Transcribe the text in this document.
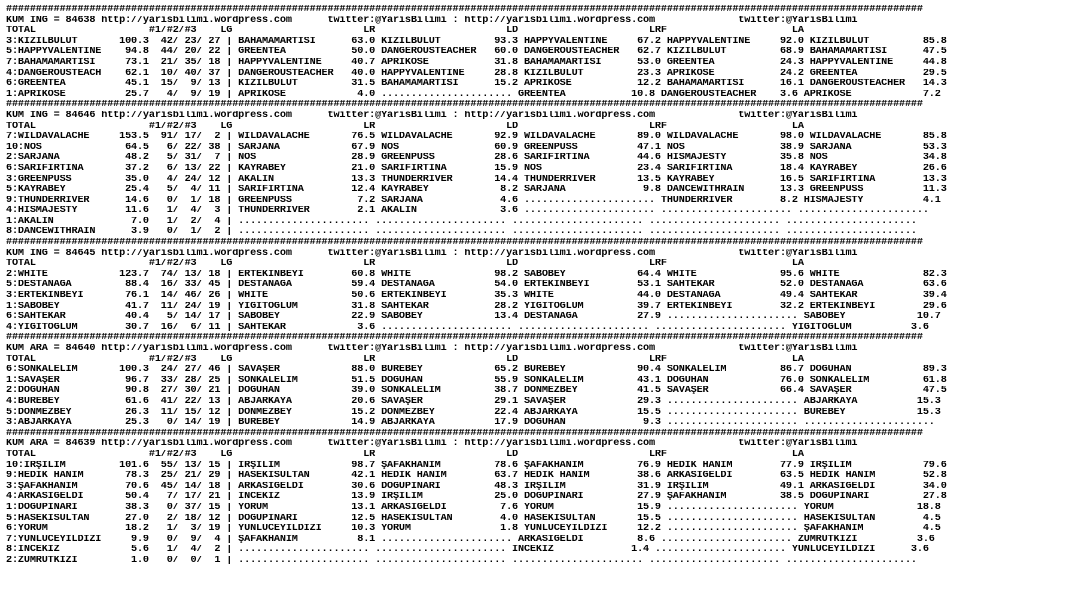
##########################################################################################################################################################
KUM ING = 84638 http://yarisbilimi.wordpress.com      twitter:@YarisBilimi : http://yarisbilimi.wordpress.com              twitter:@YarisBilimi
TOTAL                   #1/#2/#3    LG                      LR                      LD                      LRF                     LA
3:KIZILBULUT       100.3  42/ 23/ 27 | BAHAMAMARTISI      63.0 KIZILBULUT         93.3 HAPPYVALENTINE     67.2 HAPPYVALENTINE     92.0 KIZILBULUT         85.8
5:HAPPYVALENTINE    94.8  44/ 20/ 22 | GREENTEA           50.0 DANGEROUSTEACHER   60.0 DANGEROUSTEACHER   62.7 KIZILBULUT         68.9 BAHAMAMARTISI      47.5
7:BAHAMAMARTISI     73.1  21/ 35/ 18 | HAPPYVALENTINE     40.7 APRIKOSE           31.8 BAHAMAMARTISI      53.0 GREENTEA           24.3 HAPPYVALENTINE     44.8
4:DANGEROUSTEACH    62.1  10/ 40/ 37 | DANGEROUSTEACHER   40.0 HAPPYVALENTINE     28.8 KIZILBULUT         23.3 APRIKOSE           24.2 GREENTEA           29.5
6:GREENTEA          45.1  15/  9/ 13 | KIZILBULUT         31.5 BAHAMAMARTISI      15.2 APRIKOSE           12.2 BAHAMAMARTISI      16.1 DANGEROUSTEACHER   14.3
1:APRIKOSE          25.7   4/  9/ 19 | APRIKOSE            4.0 ...................... GREENTEA           10.8 DANGEROUSTEACHER    3.6 APRIKOSE            7.2
##########################################################################################################################################################
KUM ING = 84646 http://yarisbilimi.wordpress.com      twitter:@YarisBilimi : http://yarisbilimi.wordpress.com              twitter:@YarisBilimi
TOTAL                   #1/#2/#3    LG                      LR                      LD                      LRF                     LA
7:WILDAVALACHE     153.5  91/ 17/  2 | WILDAVALACHE       76.5 WILDAVALACHE       92.9 WILDAVALACHE       89.0 WILDAVALACHE       98.0 WILDAVALACHE       85.8
10:NOS              64.5   6/ 22/ 38 | SARJANA            67.9 NOS                60.9 GREENPUSS          47.1 NOS                38.9 SARJANA            53.3
2:SARJANA           48.2   5/ 31/  7 | NOS                28.9 GREENPUSS          28.6 SARIFIRTINA        44.6 HISMAJESTY         35.8 NOS                34.8
6:SARIFIRTINA       37.2   6/ 13/ 22 | KAYRABEY           21.0 SARIFIRTINA        15.9 NOS                23.4 SARIFIRTINA        18.4 KAYRABEY           26.6
3:GREENPUSS         35.0   4/ 24/ 12 | AKALIN             13.3 THUNDERRIVER       14.4 THUNDERRIVER       13.5 KAYRABEY           16.5 SARIFIRTINA        13.3
5:KAYRABEY          25.4   5/  4/ 11 | SARIFIRTINA        12.4 KAYRABEY            8.2 SARJANA             9.8 DANCEWITHRAIN      13.3 GREENPUSS          11.3
9:THUNDERRIVER      14.6   0/  1/ 18 | GREENPUSS           7.2 SARJANA             4.6 ...................... THUNDERRIVER        8.2 HISMAJESTY          4.1
4:HISMAJESTY        11.6   1/  4/  3 | THUNDERRIVER        2.1 AKALIN              3.6 ...................... ...................... ......................
1:AKALIN             7.0   1/  2/  4 | ...................... ...................... ...................... ...................... ......................
8:DANCEWITHRAIN      3.9   0/  1/  2 | ...................... ...................... ...................... ...................... ......................
##########################################################################################################################################################
KUM ING = 84645 http://yarisbilimi.wordpress.com      twitter:@YarisBilimi : http://yarisbilimi.wordpress.com              twitter:@YarisBilimi
TOTAL                   #1/#2/#3    LG                      LR                      LD                      LRF                     LA
2:WHITE            123.7  74/ 13/ 18 | ERTEKİNBEYİ        60.8 WHITE              98.2 SABOBEY            64.4 WHITE              95.6 WHITE              82.3
5:DESTANAGA         88.4  16/ 33/ 45 | DESTANAGA          59.4 DESTANAGA          54.0 ERTEKİNBEYİ        53.1 SAHTEKAR           52.0 DESTANAGA          63.6
3:ERTEKİNBEYİ       76.1  14/ 46/ 26 | WHİTE              50.6 ERTEKİNBEYİ        35.3 WHİTE              44.0 DESTANAGA          49.4 SAHTEKAR           39.4
1:SABOBEY           41.7  11/ 24/ 19 | YİĞİTOĞLUM         31.8 SAHTEKAR           28.2 YİĞİTOĞLUM         39.7 ERTEKİNBEYİ        32.2 ERTEKİNBEYİ        29.6
6:SAHTEKAR          40.4   5/ 14/ 17 | SABOBEY            22.9 SABOBEY            13.4 DESTANAGA          27.9 ...................... SABOBEY            10.7
4:YİĞİTOĞLUM        30.7  16/  6/ 11 | SAHTEKAR            3.6 ...................... ...................... ...................... YİĞİTOĞLUM          3.6
##########################################################################################################################################################
KUM ARA = 84640 http://yarisbilimi.wordpress.com      twitter:@YarisBilimi : http://yarisbilimi.wordpress.com              twitter:@YarisBilimi
TOTAL                   #1/#2/#3    LG                      LR                      LD                      LRF                     LA
6:SONKALELİM       100.3  24/ 27/ 46 | SAVAŞER            88.0 BÜREBEY            65.2 BÜREBEY            90.4 SONKALELİM         86.7 DOĞUHAN            89.3
1:SAVAŞER           96.7  33/ 28/ 25 | SONKALELİM         51.5 DOĞUHAN            55.9 SONKALELİM         43.1 DOĞUHAN            76.0 SONKALELİM         61.8
2:DOĞUHAN           90.8  27/ 30/ 21 | DOĞUHAN            39.0 SONKALELİM         38.7 DÖNMEZBEY          41.5 SAVAŞER            66.4 SAVAŞER            47.5
4:BÜREBEY           61.6  41/ 22/ 13 | ABJARKAYA          20.6 SAVAŞER            29.1 SAVAŞER            29.3 ...................... ABJARKAYA          15.3
5:DÖNMEZBEY         26.3  11/ 15/ 12 | DÖNMEZBEY          15.2 DÖNMEZBEY          22.4 ABJARKAYA          15.5 ...................... BÜREBEY            15.3
3:ABJARKAYA         25.3   0/ 14/ 19 | BÜREBEY            14.9 ABJARKAYA          17.9 DOĞUHAN             9.3 ...................... ......................
##########################################################################################################################################################
KUM ARA = 84639 http://yarisbilimi.wordpress.com      twitter:@YarisBilimi : http://yarisbilimi.wordpress.com              twitter:@YarisBilimi
TOTAL                   #1/#2/#3    LG                      LR                      LD                      LRF                     LA
10:İRŞİLİM         101.6  55/ 13/ 15 | İRŞİLİM            98.7 ŞAFAKHANIM         78.6 ŞAFAKHANIM         76.9 HEDİK HANIM        77.9 İRŞİLİM            79.6
9:HEDİK HANIM       78.3  25/ 21/ 29 | HASEKİSULTAN       42.1 HEDİK HANIM        63.7 HEDİK HANIM        38.6 ARKASIGELDİ        63.5 HEDİK HANIM        52.8
3:ŞAFAKHANIM        70.6  45/ 14/ 18 | ARKASIGELDİ        30.6 DOĞUPINARI         48.3 İRŞİLİM            31.9 İRŞİLİM            49.1 ARKASIGELDİ        34.0
4:ARKASIGELDİ       50.4   7/ 17/ 21 | İNCEKIZ            13.9 İRŞİLİM            25.0 DOĞUPINARI         27.9 ŞAFAKHANIM         38.5 DOĞUPINARI         27.8
1:DOĞUPINARI        38.3   0/ 37/ 15 | YORUM              13.1 ARKASIGELDİ         7.6 YORUM              15.9 ...................... YORUM              18.8
5:HASEKİSULTAN      27.0   2/ 18/ 12 | DOĞUPINARI         12.5 HASEKİSULTAN        4.0 HASEKİSULTAN       15.5 ...................... HASEKİSULTAN        4.5
6:YORUM             18.2   1/  3/ 19 | YÜNLÜCEYILDIZI     10.3 YORUM               1.8 YÜNLÜCEYILDIZI     12.2 ...................... ŞAFAKHANIM          4.5
7:YÜNLÜCEYILDIZI     9.9   0/  9/  4 | ŞAFAKHANIM          8.1 ...................... ARKASIGELDİ         8.6 ...................... ZÜMRÜTKIZI          3.6
8:İNCEKIZ            5.6   1/  4/  2 | ...................... ...................... İNCEKIZ             1.4 ...................... YÜNLÜCEYILDIZI      3.6
2:ZÜMRÜTKIZI         1.0   0/  0/  1 | ...................... ...................... ...................... ...................... ......................
